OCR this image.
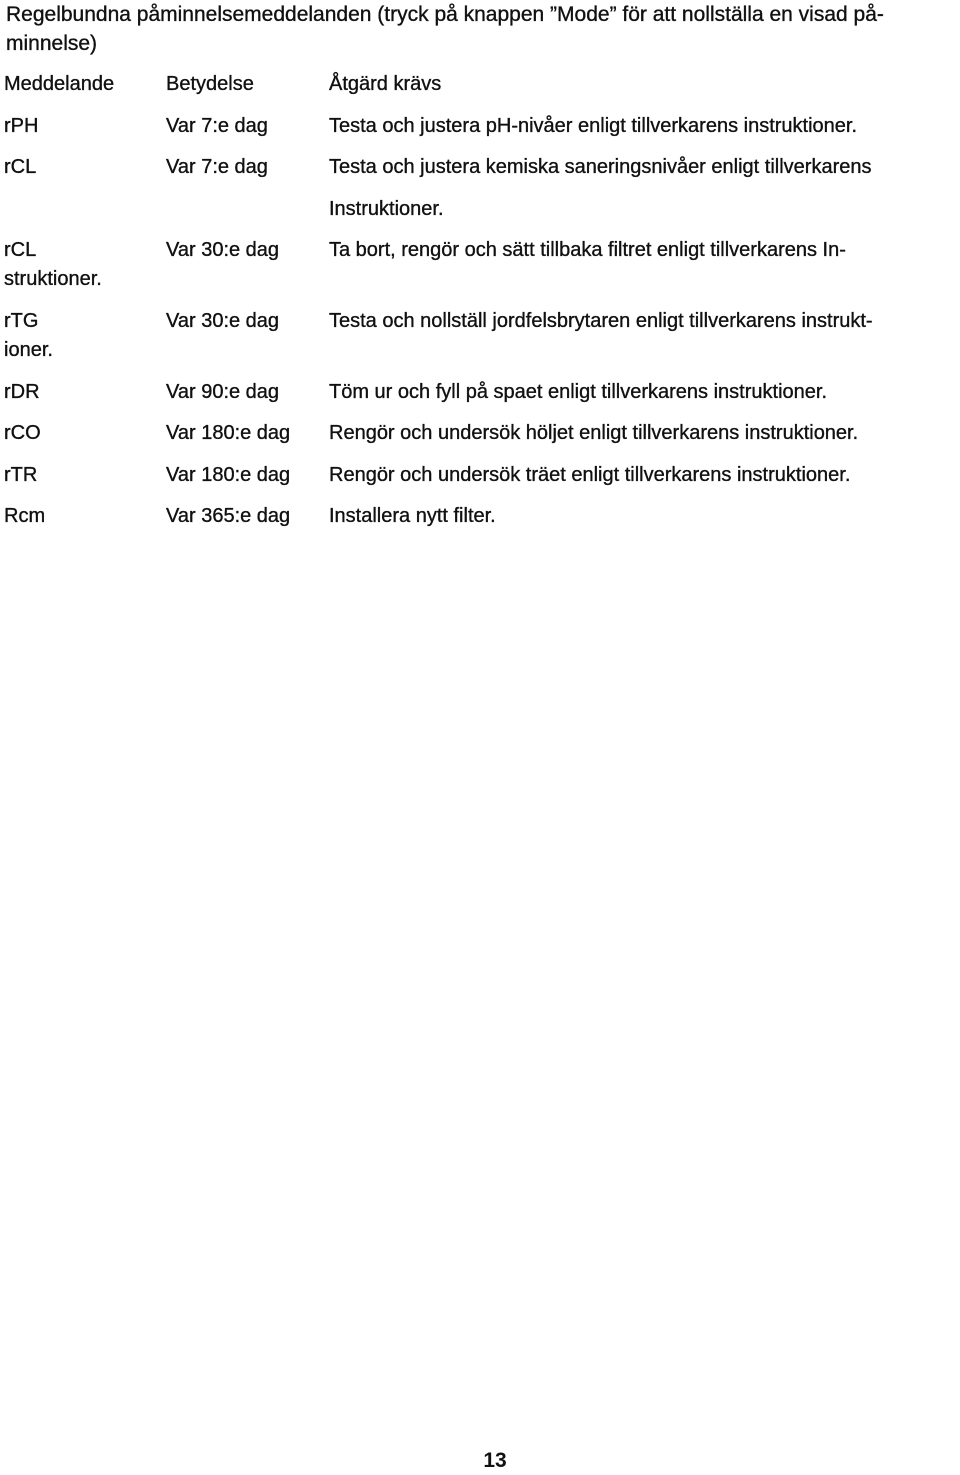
Regelbundna påminnelsemeddelanden (tryck på knappen ”Mode” för att nollställa en visad på-
minnelse)
Meddelande	Betydelse	Åtgärd krävs
rPH	Var 7:e dag	Testa och justera pH-nivåer enligt tillverkarens instruktioner.
rCL	Var 7:e dag	Testa och justera kemiska saneringsnivåer enligt tillverkarens
Instruktioner.
rCL	Var 30:e dag Ta bort, rengör och sätt tillbaka filtret enligt tillverkarens In-
struktioner.
rTG	Var 30:e dag Testa och nollställ jordfelsbrytaren enligt tillverkarens instrukt-
ioner.
rDR	Var 90:e dag Töm ur och fyll på spaet enligt tillverkarens instruktioner.
rCO	Var 180:e dag Rengör och undersök höljet enligt tillverkarens instruktioner.
rTR	Var 180:e dag Rengör och undersök träet enligt tillverkarens instruktioner.
Rcm	Var 365:e dag Installera nytt filter.
13
